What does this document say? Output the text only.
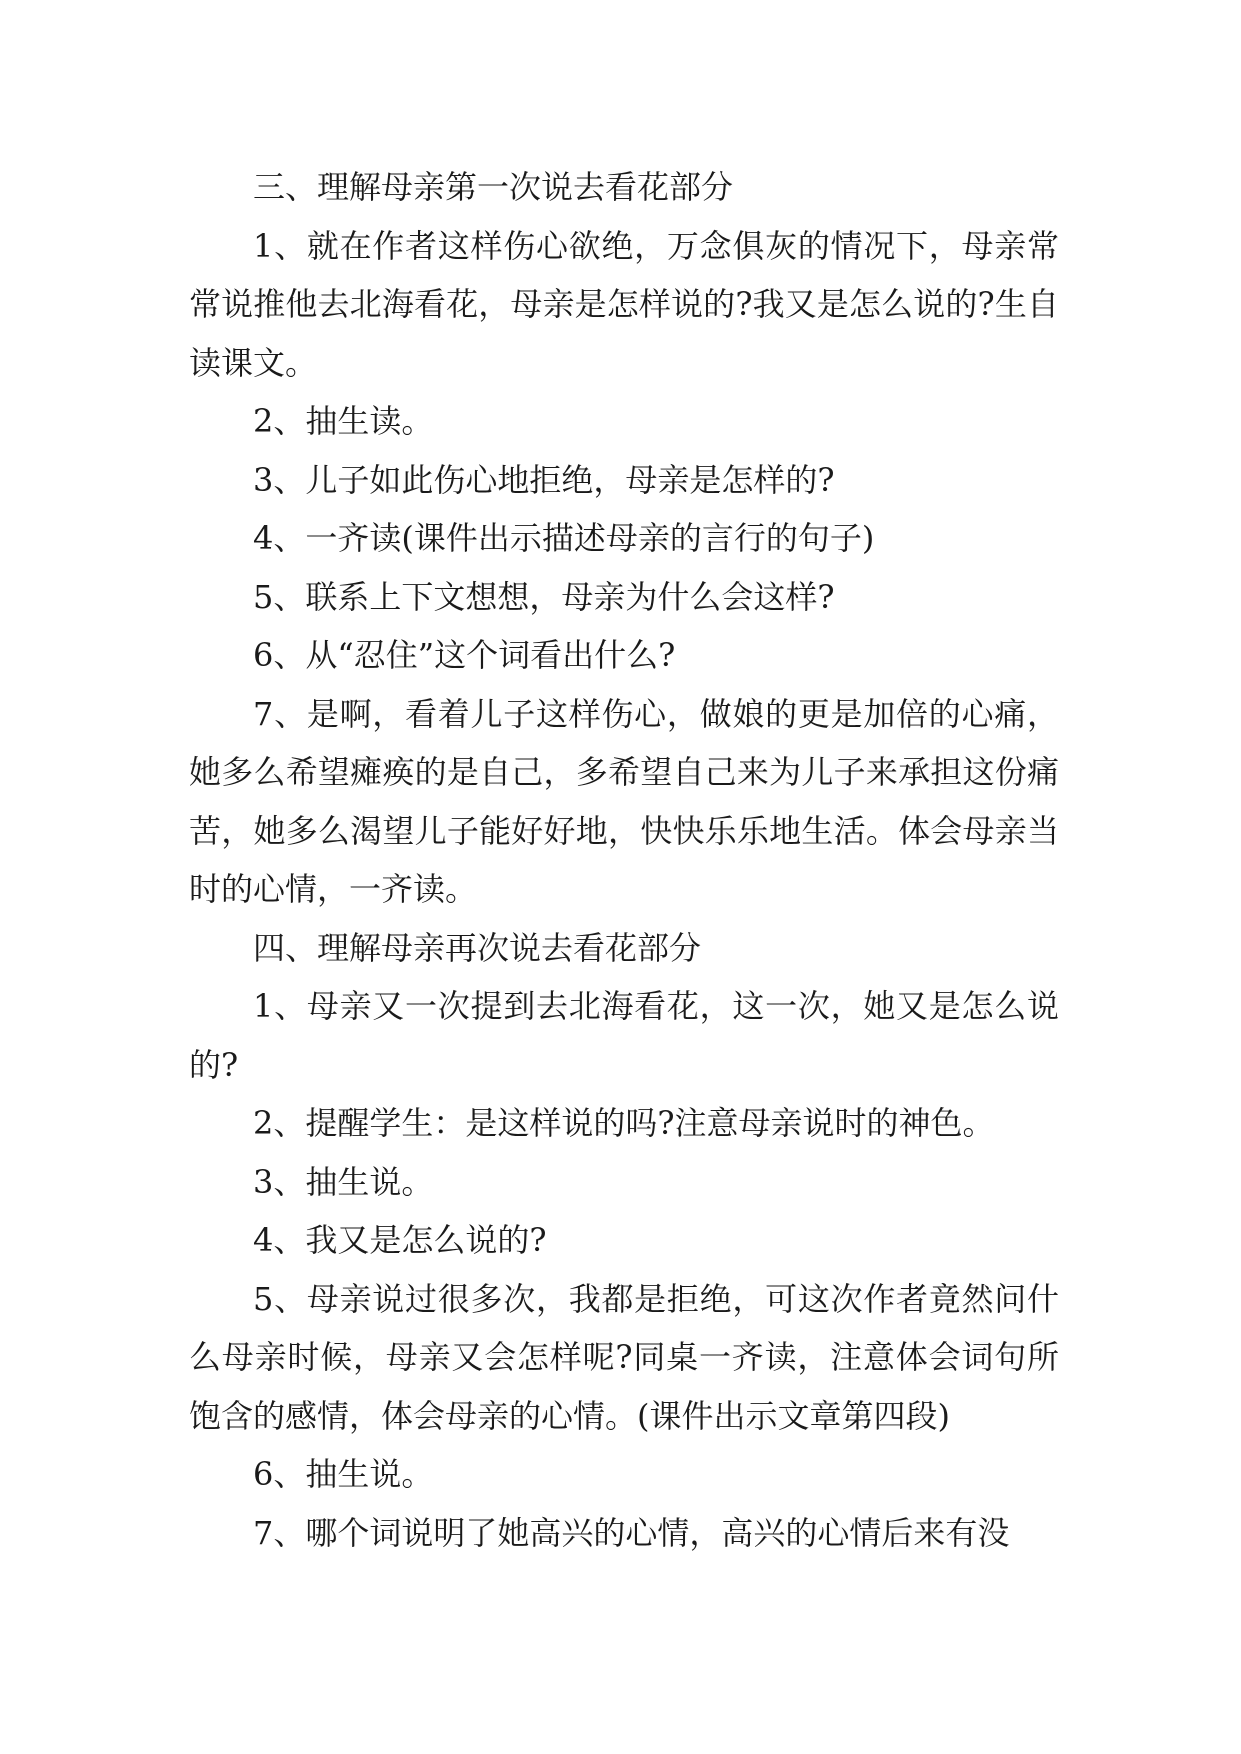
三、理解母亲第一次说去看花部分

1、就在作者这样伤心欲绝，万念俱灰的情况下，母亲常常说推他去北海看花，母亲是怎样说的?我又是怎么说的?生自读课文。

2、抽生读。

3、儿子如此伤心地拒绝，母亲是怎样的?

4、一齐读(课件出示描述母亲的言行的句子)

5、联系上下文想想，母亲为什么会这样?

6、从“忍住”这个词看出什么?

7、是啊，看着儿子这样伤心，做娘的更是加倍的心痛，她多么希望瘫痪的是自己，多希望自己来为儿子来承担这份痛苦，她多么渴望儿子能好好地，快快乐乐地生活。体会母亲当时的心情，一齐读。

四、理解母亲再次说去看花部分

1、母亲又一次提到去北海看花，这一次，她又是怎么说的?

2、提醒学生：是这样说的吗?注意母亲说时的神色。

3、抽生说。

4、我又是怎么说的?

5、母亲说过很多次，我都是拒绝，可这次作者竟然问什么母亲时候，母亲又会怎样呢?同桌一齐读，注意体会词句所饱含的感情，体会母亲的心情。(课件出示文章第四段)

6、抽生说。

7、哪个词说明了她高兴的心情，高兴的心情后来有没
